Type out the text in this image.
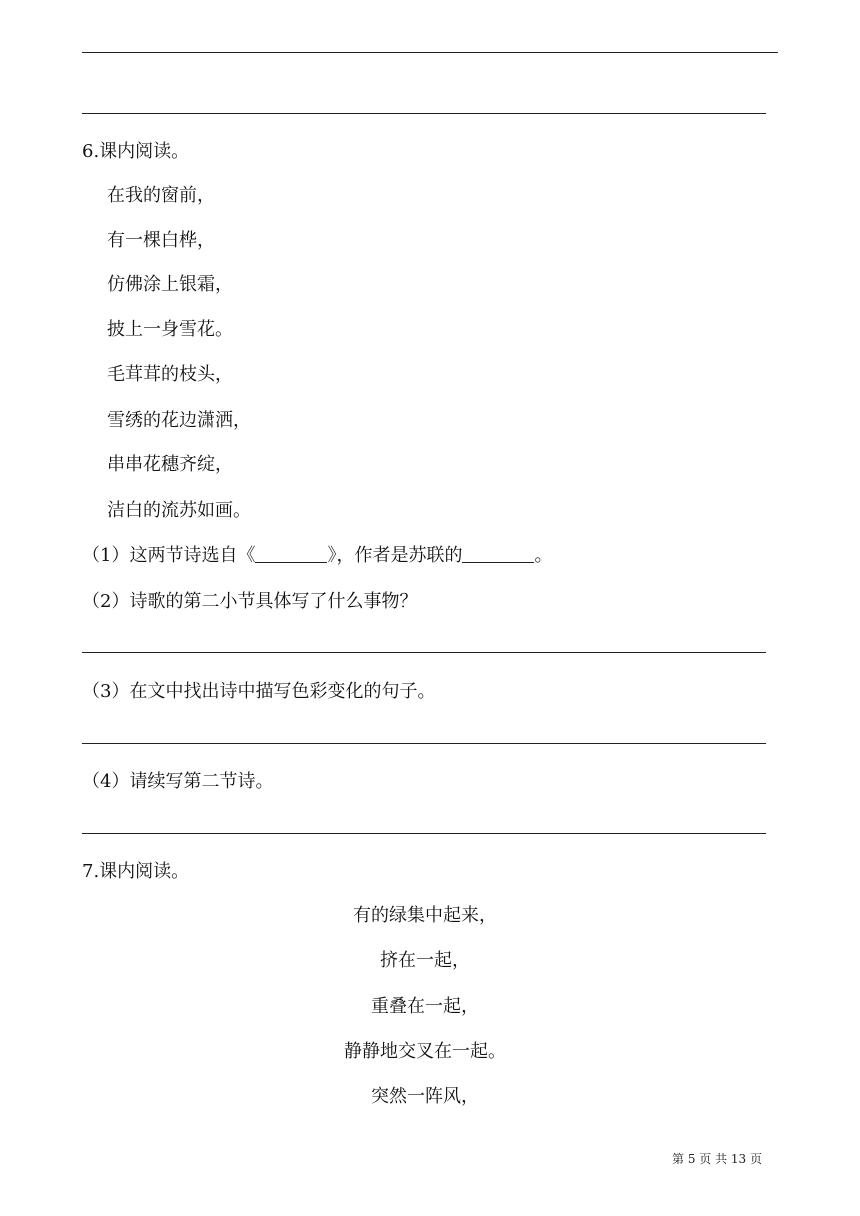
6.课内阅读。
在我的窗前，
有一棵白桦，
仿佛涂上银霜，
披上一身雪花。
毛茸茸的枝头，
雪绣的花边潇洒，
串串花穗齐绽，
洁白的流苏如画。
（1）这两节诗选自《	》，作者是苏联的	。
（2）诗歌的第二小节具体写了什么事物？
（3）在文中找出诗中描写色彩变化的句子。
（4）请续写第二节诗。
7.课内阅读。
有的绿集中起来，
挤在一起，
重叠在一起，
静静地交叉在一起。
突然一阵风，
第 5 页 共 13 页
